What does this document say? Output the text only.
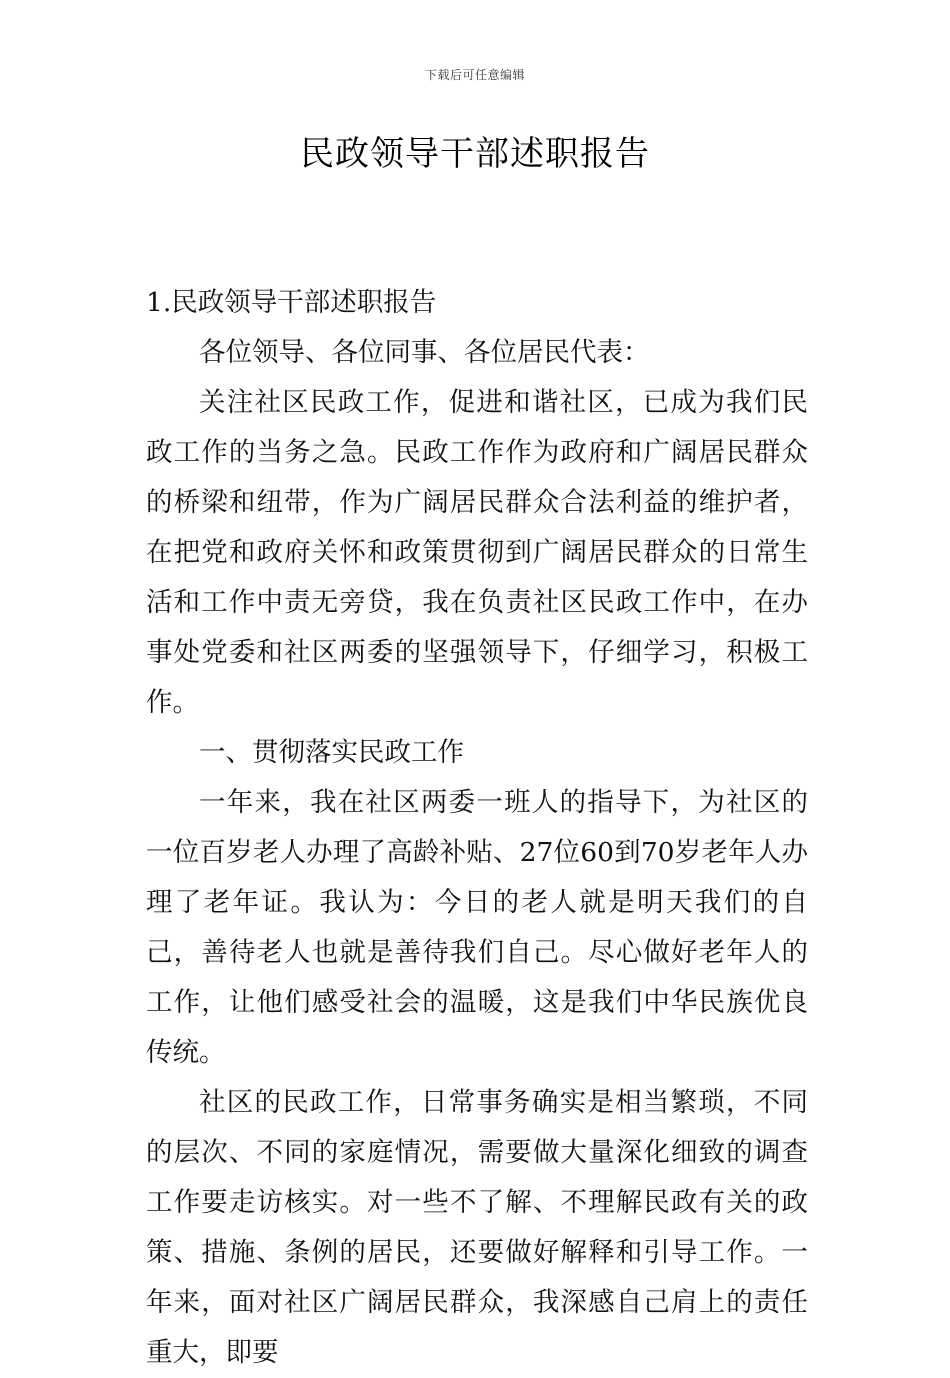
下载后可任意编辑
民政领导干部述职报告

1.民政领导干部述职报告

各位领导、各位同事、各位居民代表：

关注社区民政工作，促进和谐社区，已成为我们民政工作的当务之急。民政工作作为政府和广阔居民群众的桥梁和纽带，作为广阔居民群众合法利益的维护者，在把党和政府关怀和政策贯彻到广阔居民群众的日常生活和工作中责无旁贷，我在负责社区民政工作中，在办事处党委和社区两委的坚强领导下，仔细学习，积极工作。

一、贯彻落实民政工作

一年来，我在社区两委一班人的指导下，为社区的一位百岁老人办理了高龄补贴、27位60到70岁老年人办理了老年证。我认为：今日的老人就是明天我们的自己，善待老人也就是善待我们自己。尽心做好老年人的工作，让他们感受社会的温暖，这是我们中华民族优良传统。

社区的民政工作，日常事务确实是相当繁琐，不同的层次、不同的家庭情况，需要做大量深化细致的调查工作要走访核实。对一些不了解、不理解民政有关的政策、措施、条例的居民，还要做好解释和引导工作。一年来，面对社区广阔居民群众，我深感自己肩上的责任重大，即要
